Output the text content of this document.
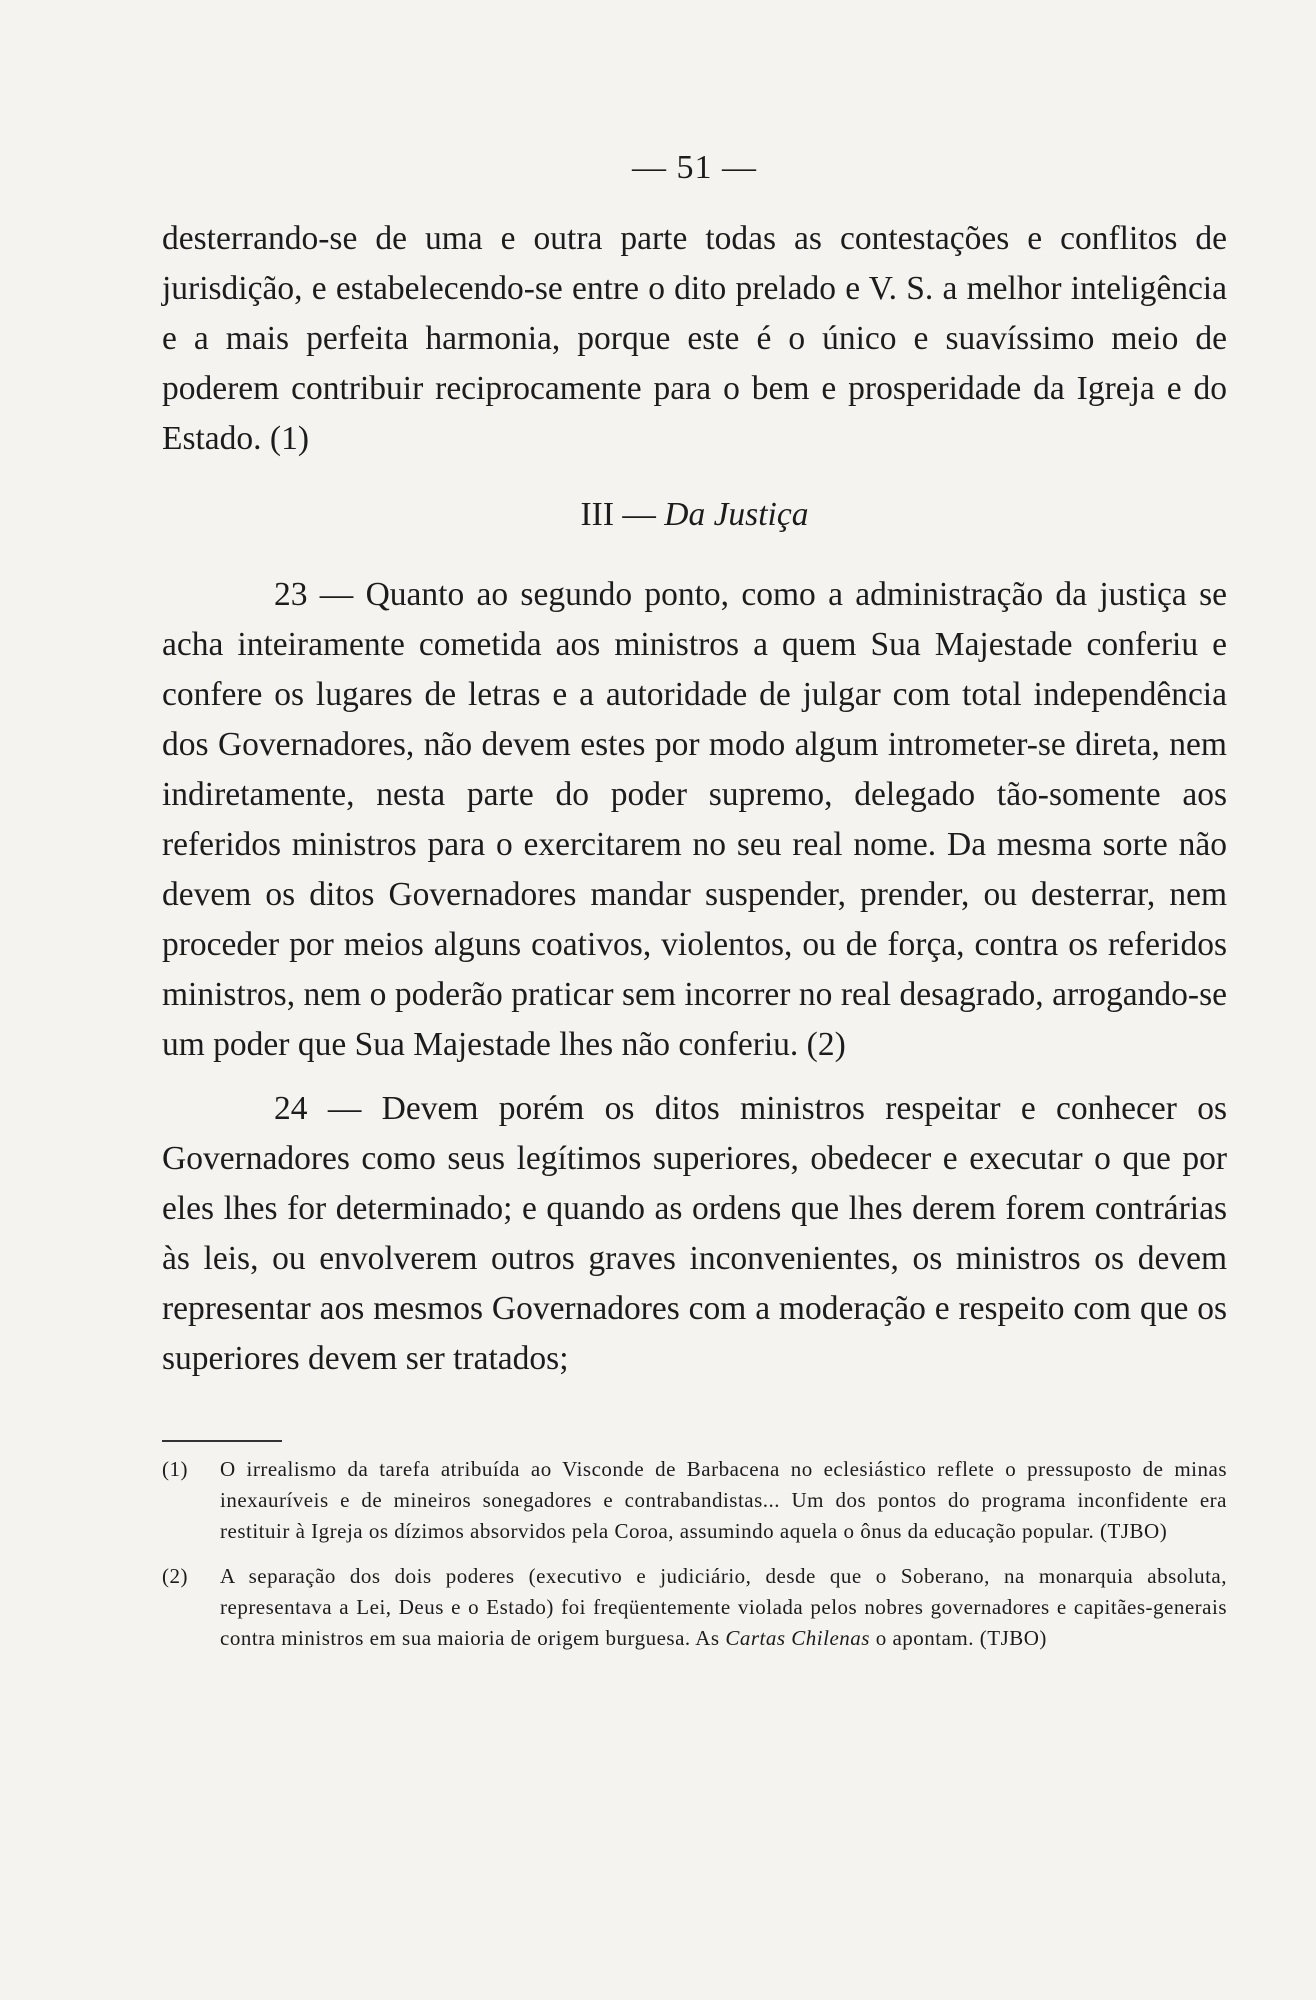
— 51 —

desterrando-se de uma e outra parte todas as contestações e conflitos de jurisdição, e estabelecendo-se entre o dito prelado e V. S. a melhor inteligência e a mais perfeita harmonia, porque este é o único e suavíssimo meio de poderem contribuir reciprocamente para o bem e prosperidade da Igreja e do Estado. (1)

III — Da Justiça

23 — Quanto ao segundo ponto, como a administração da justiça se acha inteiramente cometida aos ministros a quem Sua Majestade conferiu e confere os lugares de letras e a autoridade de julgar com total independência dos Governadores, não devem estes por modo algum intrometer-se direta, nem indiretamente, nesta parte do poder supremo, delegado tão-somente aos referidos ministros para o exercitarem no seu real nome. Da mesma sorte não devem os ditos Governadores mandar suspender, prender, ou desterrar, nem proceder por meios alguns coativos, violentos, ou de força, contra os referidos ministros, nem o poderão praticar sem incorrer no real desagrado, arrogando-se um poder que Sua Majestade lhes não conferiu. (2)

24 — Devem porém os ditos ministros respeitar e conhecer os Governadores como seus legítimos superiores, obedecer e executar o que por eles lhes for determinado; e quando as ordens que lhes derem forem contrárias às leis, ou envolverem outros graves inconvenientes, os ministros os devem representar aos mesmos Governadores com a moderação e respeito com que os superiores devem ser tratados;

(1)	O irrealismo da tarefa atribuída ao Visconde de Barbacena no eclesiástico reflete o pressuposto de minas inexauríveis e de mineiros sonegadores e contrabandistas... Um dos pontos do programa inconfidente era restituir à Igreja os dízimos absorvidos pela Coroa, assumindo aquela o ônus da educação popular. (TJBO)
(2)	A separação dos dois poderes (executivo e judiciário, desde que o Soberano, na monarquia absoluta, representava a Lei, Deus e o Estado) foi freqüentemente violada pelos nobres governadores e capitães-generais contra ministros em sua maioria de origem burguesa. As Cartas Chilenas o apontam. (TJBO)
